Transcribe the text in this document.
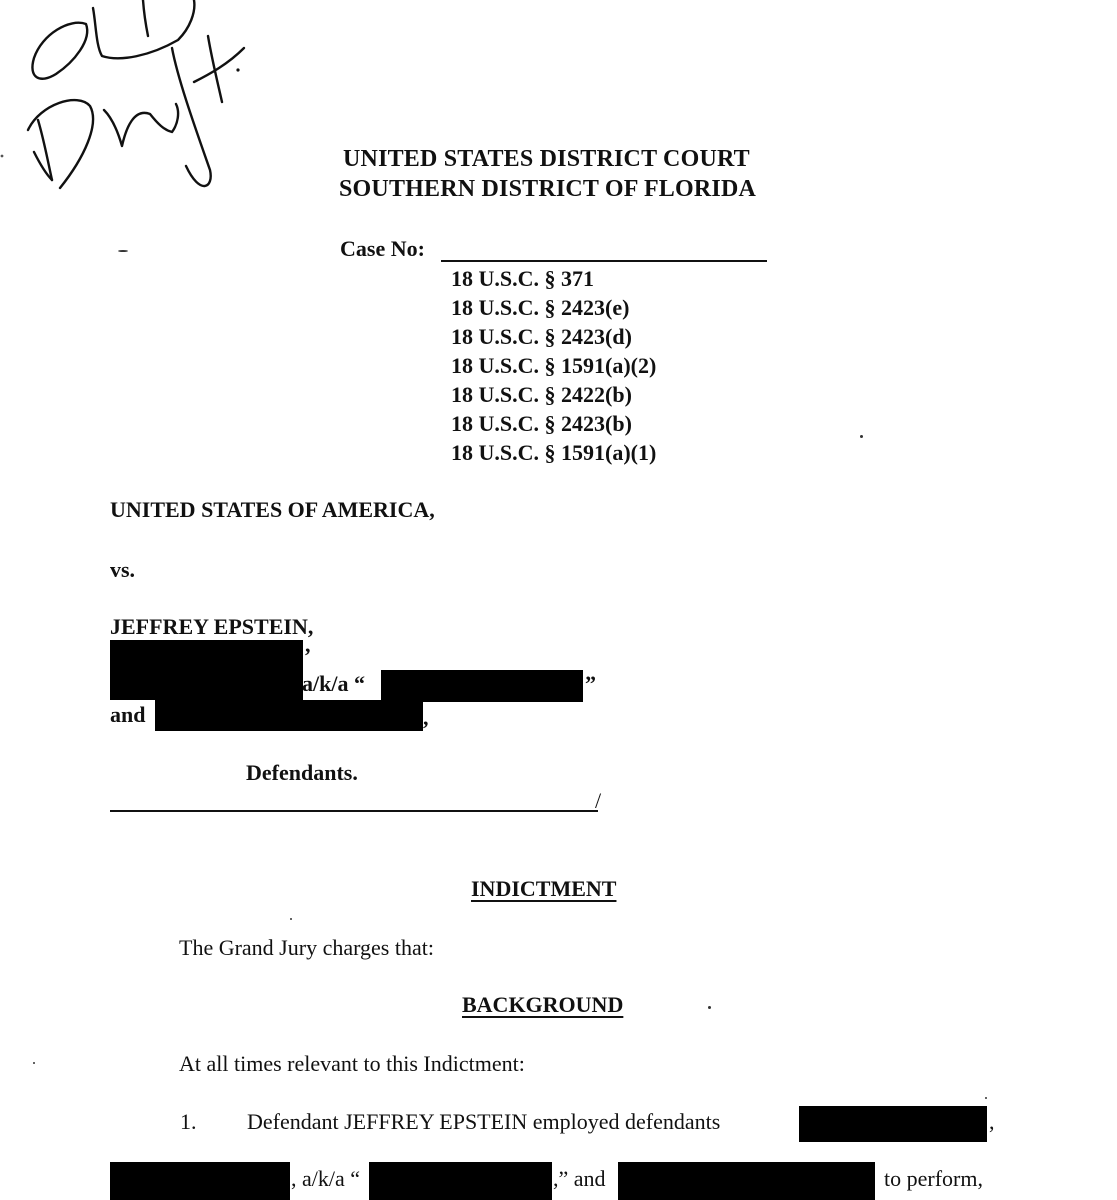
UNITED STATES DISTRICT COURT
SOUTHERN DISTRICT OF FLORIDA
Case No:
18 U.S.C. § 371
18 U.S.C. § 2423(e)
18 U.S.C. § 2423(d)
18 U.S.C. § 1591(a)(2)
18 U.S.C. § 2422(b)
18 U.S.C. § 2423(b)
18 U.S.C. § 1591(a)(1)
UNITED STATES OF AMERICA,
vs.
JEFFREY EPSTEIN,
,
a/k/a “	”
and	,
Defendants.
/
INDICTMENT
The Grand Jury charges that:
BACKGROUND
At all times relevant to this Indictment:
1. Defendant JEFFREY EPSTEIN employed defendants	,
, a/k/a “	,” and	to perform,
